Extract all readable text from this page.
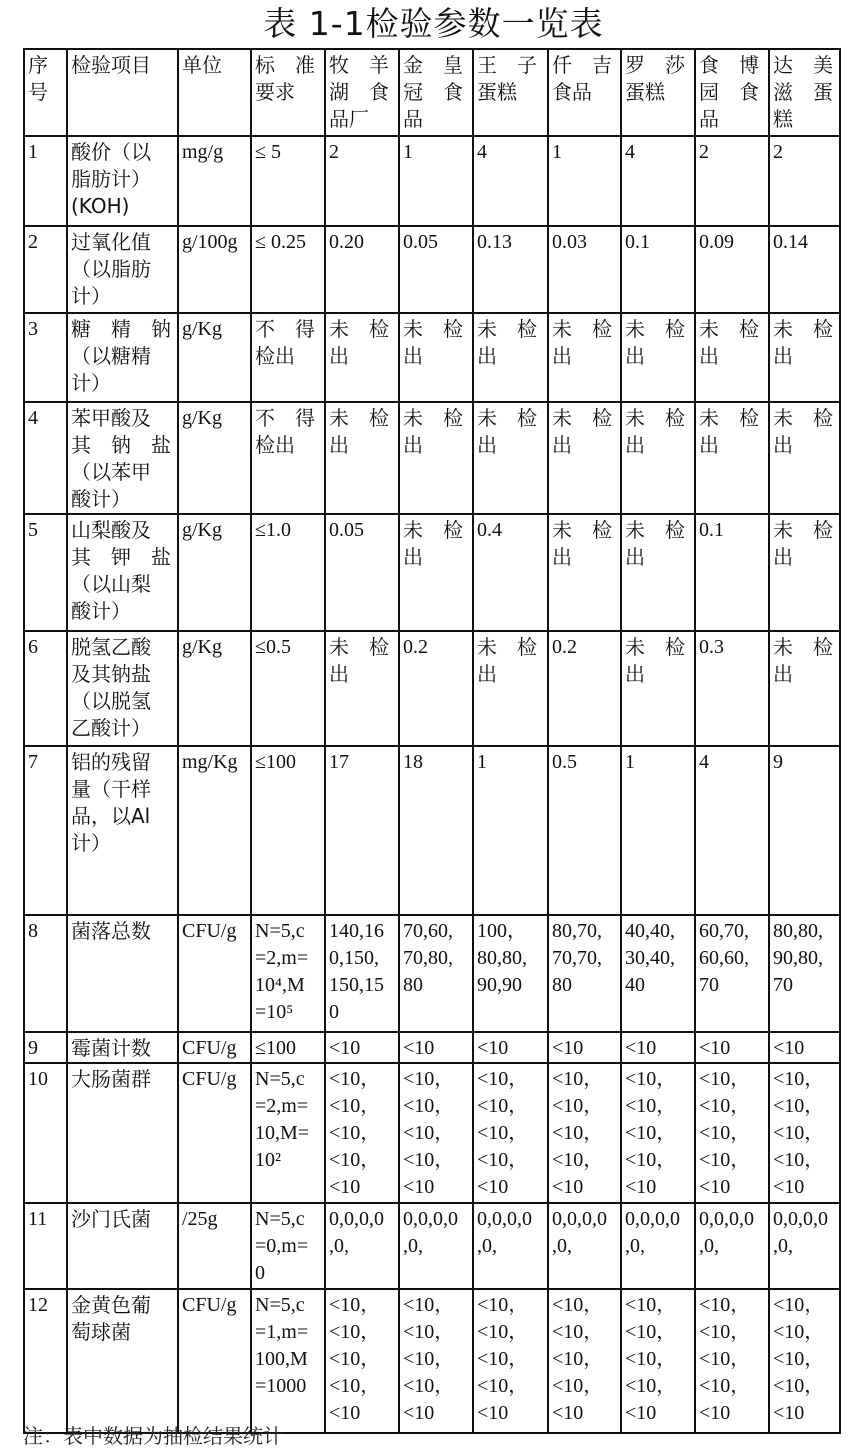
表 1-1检验参数一览表
序
号	检验项目	单位	标　准
要求	牧　羊
湖　食
品厂	金　皇
冠　食
品	王　子
蛋糕	仟　吉
食品	罗　莎
蛋糕	食　博
园　食
品	达　美
滋　蛋
糕

1	酸价（以
脂肪计）
(KOH)	mg/g	≤ 5	2	1	4	1	4	2	2

2	过氧化值
（以脂肪
计）	g/100g	≤ 0.25	0.20	0.05	0.13	0.03	0.1	0.09	0.14

3	糖　精　钠
（以糖精
计）	g/Kg	不　得
检出	未　检
出	未　检
出	未　检
出	未　检
出	未　检
出	未　检
出	未　检
出

4	苯甲酸及
其　钠　盐
（以苯甲
酸计）	g/Kg	不　得
检出	未　检
出	未　检
出	未　检
出	未　检
出	未　检
出	未　检
出	未　检
出

5	山梨酸及
其　钾　盐
（以山梨
酸计）	g/Kg	≤1.0	0.05	未　检
出	0.4	未　检
出	未　检
出	0.1	未　检
出

6	脱氢乙酸
及其钠盐
（以脱氢
乙酸计）	g/Kg	≤0.5	未　检
出	0.2	未　检
出	0.2	未　检
出	0.3	未　检
出

7	铝的残留
量（干样
品，以Al
计）	mg/Kg	≤100	17	18	1	0.5	1	4	9

8	菌落总数	CFU/g	N=5,c
=2,m=
10⁴,M
=10⁵	140,16
0,150,
150,15
0	70,60,
70,80,
80	100，
80,80,
90,90	80,70,
70,70,
80	40,40,
30,40,
40	60,70,
60,60,
70	80,80,
90,80,
70

9	霉菌计数	CFU/g	≤100	<10	<10	<10	<10	<10	<10	<10

10	大肠菌群	CFU/g	N=5,c
=2,m=
10,M=
10²	<10，
<10，
<10，
<10，
<10	<10，
<10，
<10，
<10，
<10	<10，
<10，
<10，
<10，
<10	<10，
<10，
<10，
<10，
<10	<10，
<10，
<10，
<10，
<10	<10，
<10，
<10，
<10，
<10	<10，
<10，
<10，
<10，
<10

11	沙门氏菌	/25g	N=5,c
=0,m=
0	0,0,0,0
,0,	0,0,0,0
,0,	0,0,0,0
,0,	0,0,0,0
,0,	0,0,0,0
,0,	0,0,0,0
,0,	0,0,0,0
,0,

12	金黄色葡
萄球菌	CFU/g	N=5,c
=1,m=
100,M
=1000	<10，
<10，
<10，
<10，
<10	<10，
<10，
<10，
<10，
<10	<10，
<10，
<10，
<10，
<10	<10，
<10，
<10，
<10，
<10	<10，
<10，
<10，
<10，
<10	<10，
<10，
<10，
<10，
<10	<10，
<10，
<10，
<10，
<10
注：表中数据为抽检结果统计
